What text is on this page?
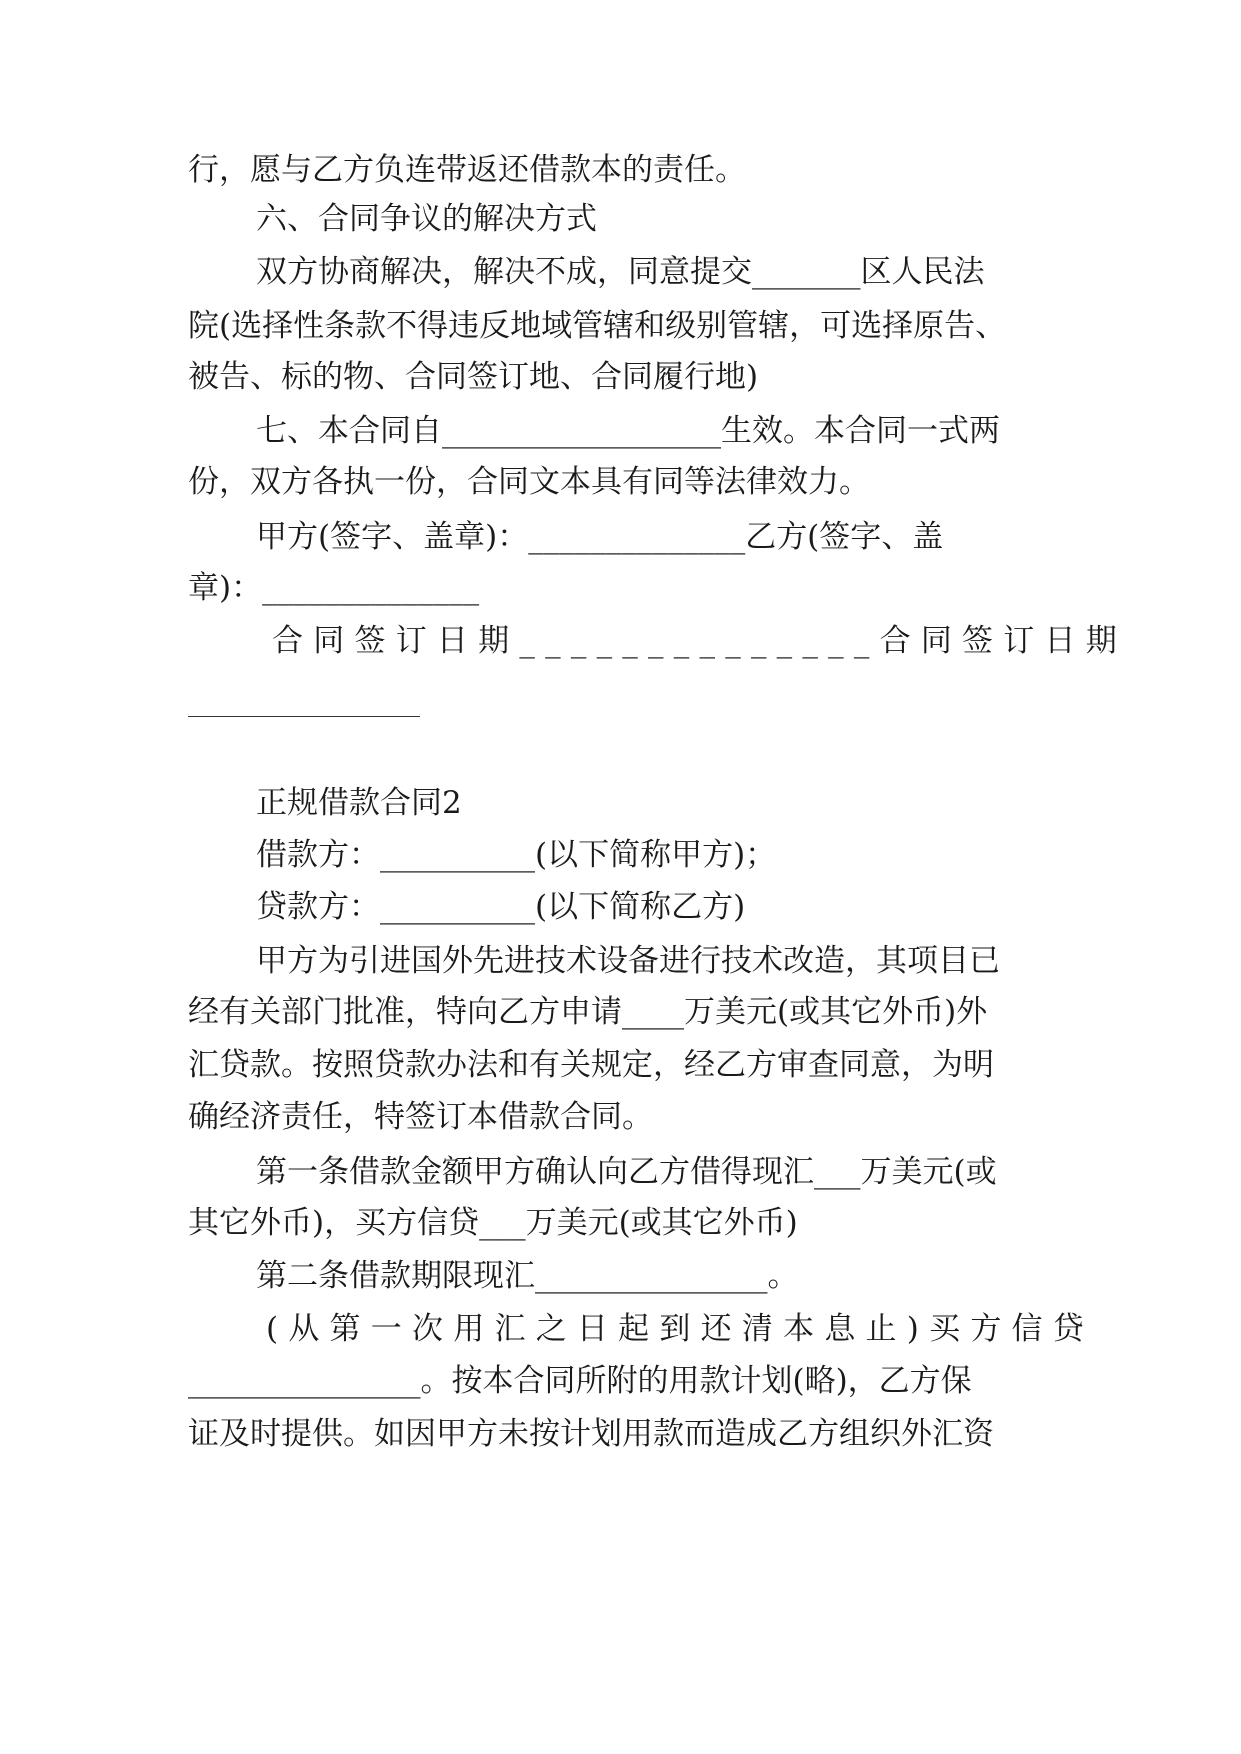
行，愿与乙方负连带返还借款本的责任。
六、合同争议的解决方式
双方协商解决，解决不成，同意提交_______区人民法
院(选择性条款不得违反地域管辖和级别管辖，可选择原告、
被告、标的物、合同签订地、合同履行地)
七、本合同自__________________生效。本合同一式两
份，双方各执一份，合同文本具有同等法律效力。
甲方(签字、盖章)：______________乙方(签字、盖
章)：______________
合同签订日期______________合同签订日期
正规借款合同2
借款方：__________(以下简称甲方)；
贷款方：__________(以下简称乙方)
甲方为引进国外先进技术设备进行技术改造，其项目已
经有关部门批准，特向乙方申请____万美元(或其它外币)外
汇贷款。按照贷款办法和有关规定，经乙方审查同意，为明
确经济责任，特签订本借款合同。
第一条借款金额甲方确认向乙方借得现汇___万美元(或
其它外币)，买方信贷___万美元(或其它外币)
第二条借款期限现汇_______________。
(从第一次用汇之日起到还清本息止)买方信贷
_______________。按本合同所附的用款计划(略)，乙方保
证及时提供。如因甲方未按计划用款而造成乙方组织外汇资
